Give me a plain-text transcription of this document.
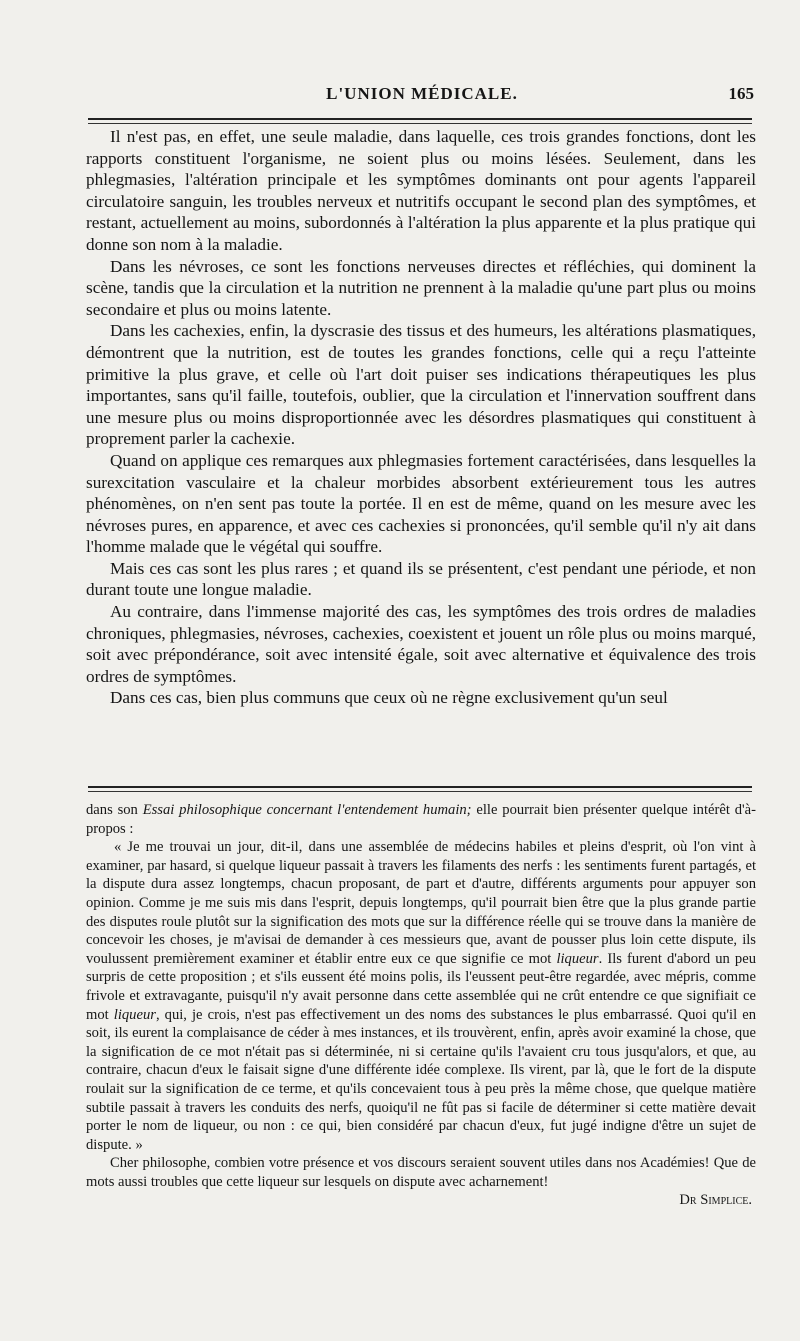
L'UNION MÉDICALE.	165

Il n'est pas, en effet, une seule maladie, dans laquelle, ces trois grandes fonctions, dont les rapports constituent l'organisme, ne soient plus ou moins lésées. Seulement, dans les phlegmasies, l'altération principale et les symptômes dominants ont pour agents l'appareil circulatoire sanguin, les troubles nerveux et nutritifs occupant le second plan des symptômes, et restant, actuellement au moins, subordonnés à l'altération la plus apparente et la plus pratique qui donne son nom à la maladie.

Dans les névroses, ce sont les fonctions nerveuses directes et réfléchies, qui dominent la scène, tandis que la circulation et la nutrition ne prennent à la maladie qu'une part plus ou moins secondaire et plus ou moins latente.

Dans les cachexies, enfin, la dyscrasie des tissus et des humeurs, les altérations plasmatiques, démontrent que la nutrition, est de toutes les grandes fonctions, celle qui a reçu l'atteinte primitive la plus grave, et celle où l'art doit puiser ses indications thérapeutiques les plus importantes, sans qu'il faille, toutefois, oublier, que la circulation et l'innervation souffrent dans une mesure plus ou moins disproportionnée avec les désordres plasmatiques qui constituent à proprement parler la cachexie.

Quand on applique ces remarques aux phlegmasies fortement caractérisées, dans lesquelles la surexcitation vasculaire et la chaleur morbides absorbent extérieurement tous les autres phénomènes, on n'en sent pas toute la portée. Il en est de même, quand on les mesure avec les névroses pures, en apparence, et avec ces cachexies si prononcées, qu'il semble qu'il n'y ait dans l'homme malade que le végétal qui souffre.

Mais ces cas sont les plus rares ; et quand ils se présentent, c'est pendant une période, et non durant toute une longue maladie.

Au contraire, dans l'immense majorité des cas, les symptômes des trois ordres de maladies chroniques, phlegmasies, névroses, cachexies, coexistent et jouent un rôle plus ou moins marqué, soit avec prépondérance, soit avec intensité égale, soit avec alternative et équivalence des trois ordres de symptômes.

Dans ces cas, bien plus communs que ceux où ne règne exclusivement qu'un seul

dans son Essai philosophique concernant l'entendement humain; elle pourrait bien présenter quelque intérêt d'à-propos :

« Je me trouvai un jour, dit-il, dans une assemblée de médecins habiles et pleins d'esprit, où l'on vint à examiner, par hasard, si quelque liqueur passait à travers les filaments des nerfs : les sentiments furent partagés, et la dispute dura assez longtemps, chacun proposant, de part et d'autre, différents arguments pour appuyer son opinion. Comme je me suis mis dans l'esprit, depuis longtemps, qu'il pourrait bien être que la plus grande partie des disputes roule plutôt sur la signification des mots que sur la différence réelle qui se trouve dans la manière de concevoir les choses, je m'avisai de demander à ces messieurs que, avant de pousser plus loin cette dispute, ils voulussent premièrement examiner et établir entre eux ce que signifie ce mot liqueur. Ils furent d'abord un peu surpris de cette proposition ; et s'ils eussent été moins polis, ils l'eussent peut-être regardée, avec mépris, comme frivole et extravagante, puisqu'il n'y avait personne dans cette assemblée qui ne crût entendre ce que signifiait ce mot liqueur, qui, je crois, n'est pas effectivement un des noms des substances le plus embarrassé. Quoi qu'il en soit, ils eurent la complaisance de céder à mes instances, et ils trouvèrent, enfin, après avoir examiné la chose, que la signification de ce mot n'était pas si déterminée, ni si certaine qu'ils l'avaient cru tous jusqu'alors, et que, au contraire, chacun d'eux le faisait signe d'une différente idée complexe. Ils virent, par là, que le fort de la dispute roulait sur la signification de ce terme, et qu'ils concevaient tous à peu près la même chose, que quelque matière subtile passait à travers les conduits des nerfs, quoiqu'il ne fût pas si facile de déterminer si cette matière devait porter le nom de liqueur, ou non : ce qui, bien considéré par chacun d'eux, fut jugé indigne d'être un sujet de dispute. »

Cher philosophe, combien votre présence et vos discours seraient souvent utiles dans nos Académies! Que de mots aussi troubles que cette liqueur sur lesquels on dispute avec acharnement!

Dr Simplice.
